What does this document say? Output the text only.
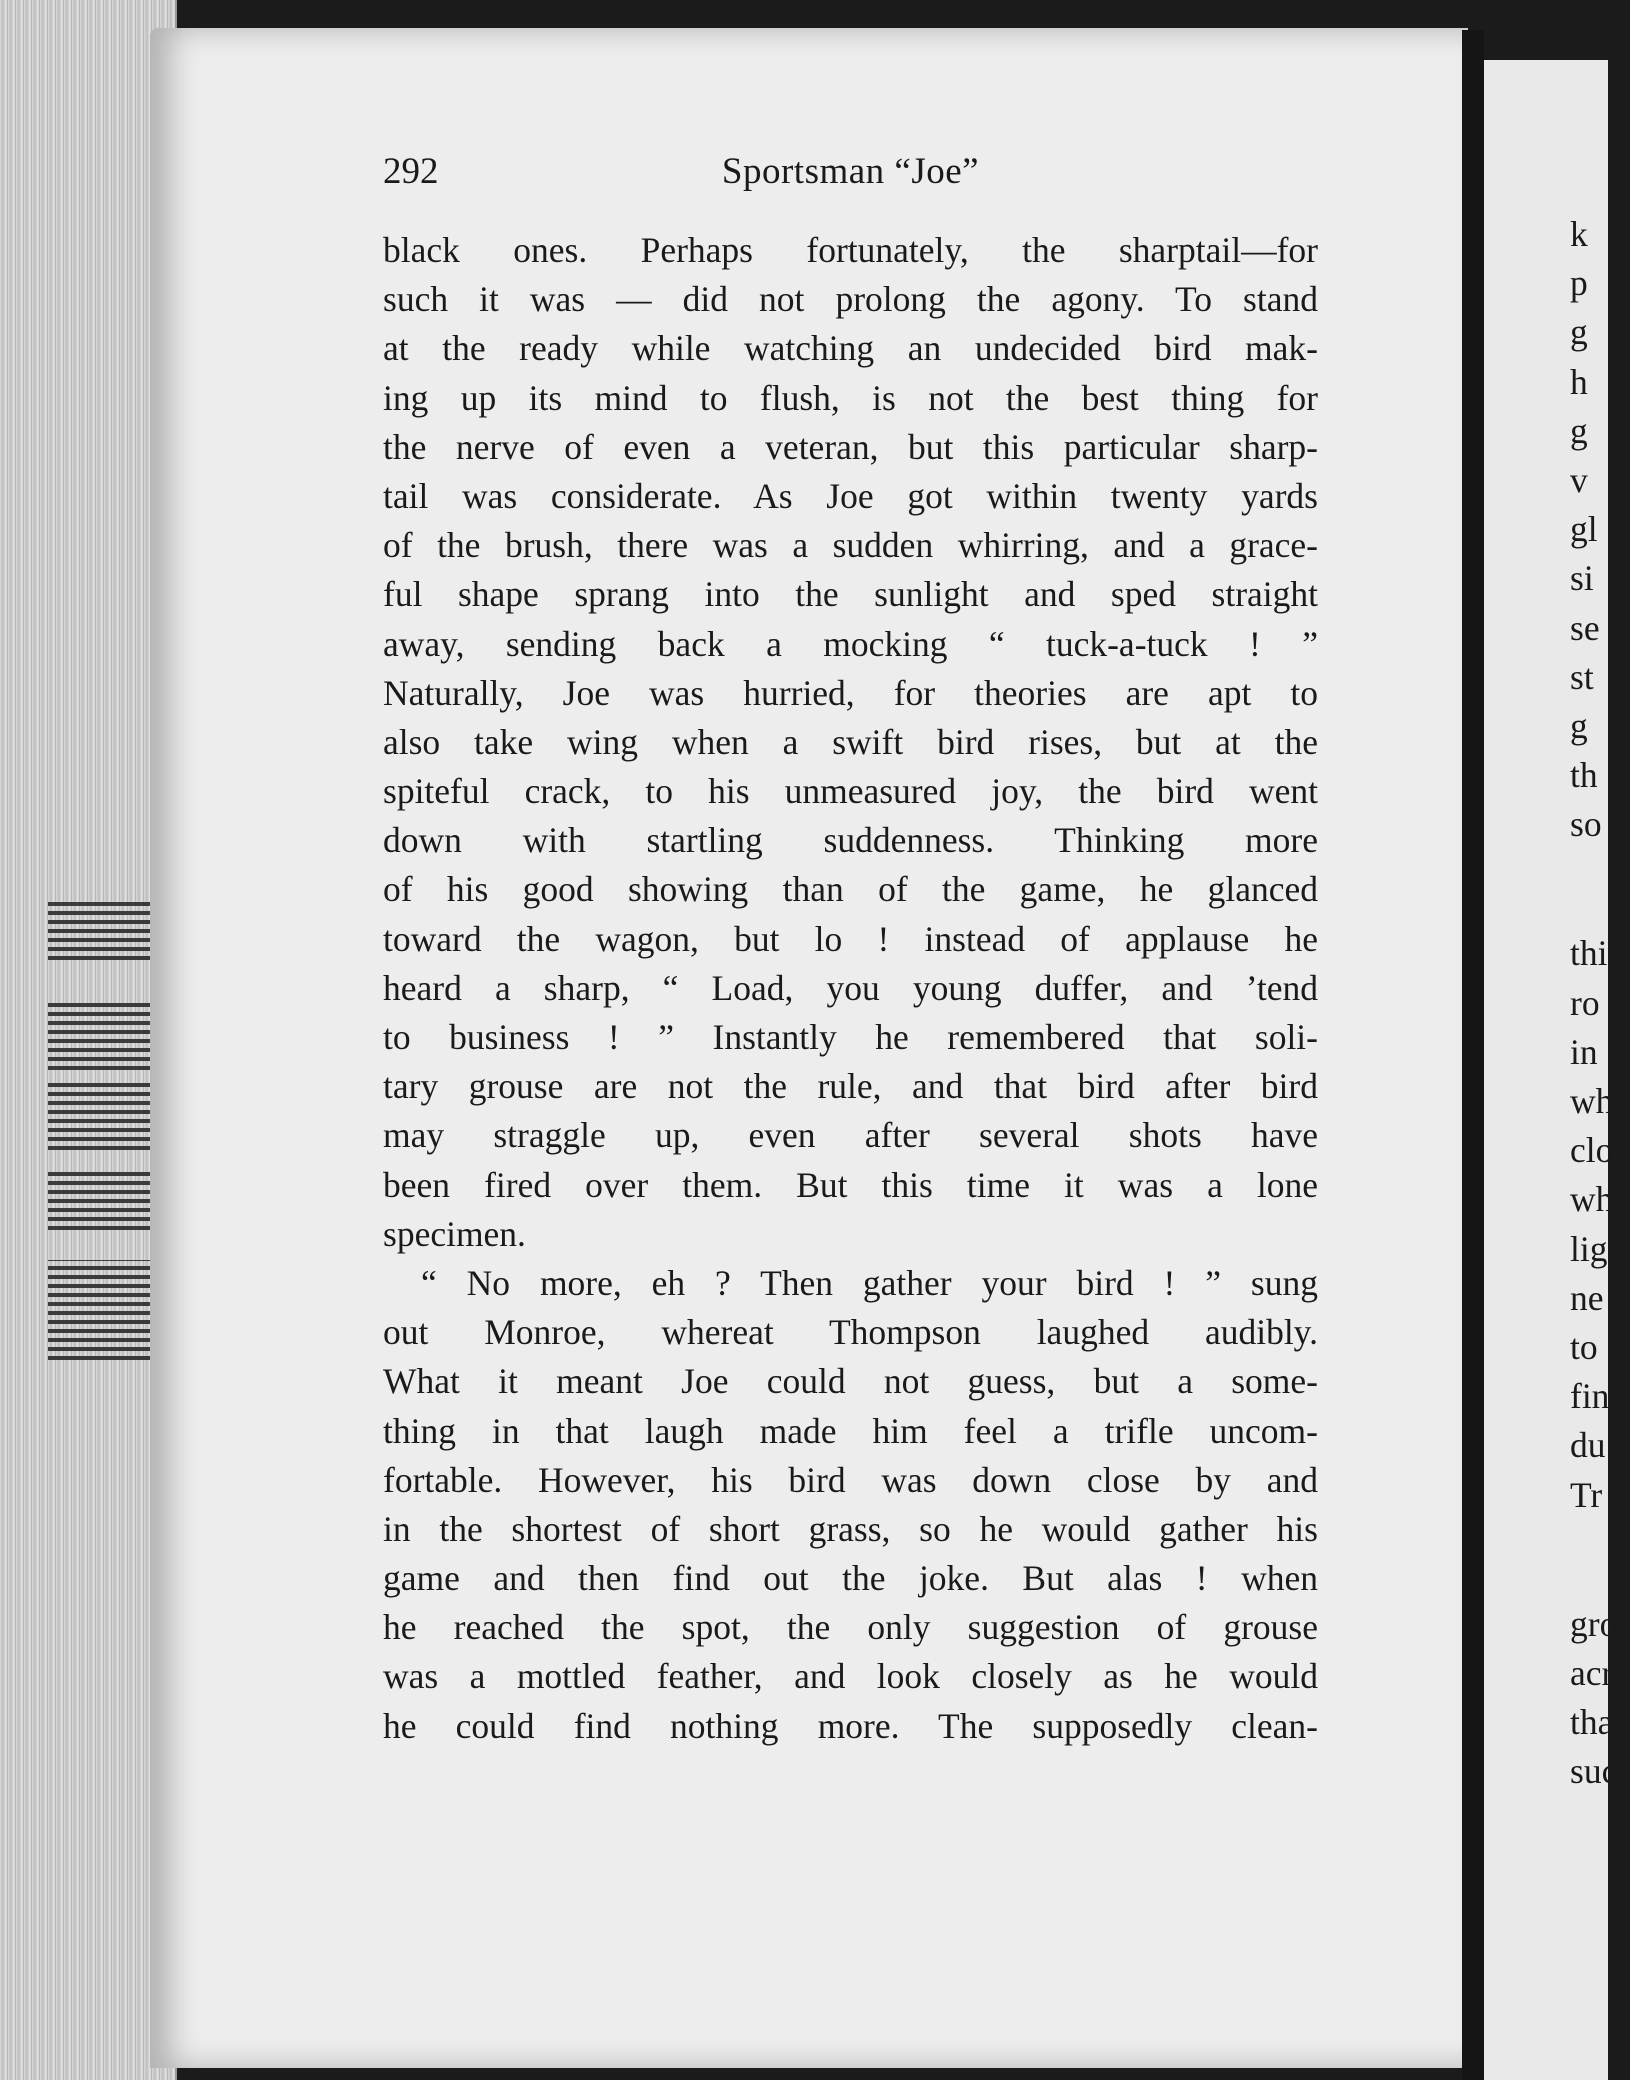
292	Sportsman “Joe”
black ones. Perhaps fortunately, the sharptail—for
such it was — did not prolong the agony. To stand
at the ready while watching an undecided bird mak-
ing up its mind to flush, is not the best thing for
the nerve of even a veteran, but this particular sharp-
tail was considerate. As Joe got within twenty yards
of the brush, there was a sudden whirring, and a grace-
ful shape sprang into the sunlight and sped straight
away, sending back a mocking “ tuck-a-tuck ! ”
Naturally, Joe was hurried, for theories are apt to
also take wing when a swift bird rises, but at the
spiteful crack, to his unmeasured joy, the bird went
down with startling suddenness. Thinking more
of his good showing than of the game, he glanced
toward the wagon, but lo ! instead of applause he
heard a sharp, “ Load, you young duffer, and ’tend
to business ! ” Instantly he remembered that soli-
tary grouse are not the rule, and that bird after bird
may straggle up, even after several shots have
been fired over them. But this time it was a lone
specimen.
“ No more, eh ? Then gather your bird ! ” sung
out Monroe, whereat Thompson laughed audibly.
What it meant Joe could not guess, but a some-
thing in that laugh made him feel a trifle uncom-
fortable. However, his bird was down close by and
in the shortest of short grass, so he would gather his
game and then find out the joke. But alas ! when
he reached the spot, the only suggestion of grouse
was a mottled feather, and look closely as he would
he could find nothing more. The supposedly clean-
k
p
g
h
g
v
gl
si
se
st
g
th
so
thi
ro
in
wh
clo
wh
lig
ne
to
fin
du
Tr
gro
acr
tha
suc
